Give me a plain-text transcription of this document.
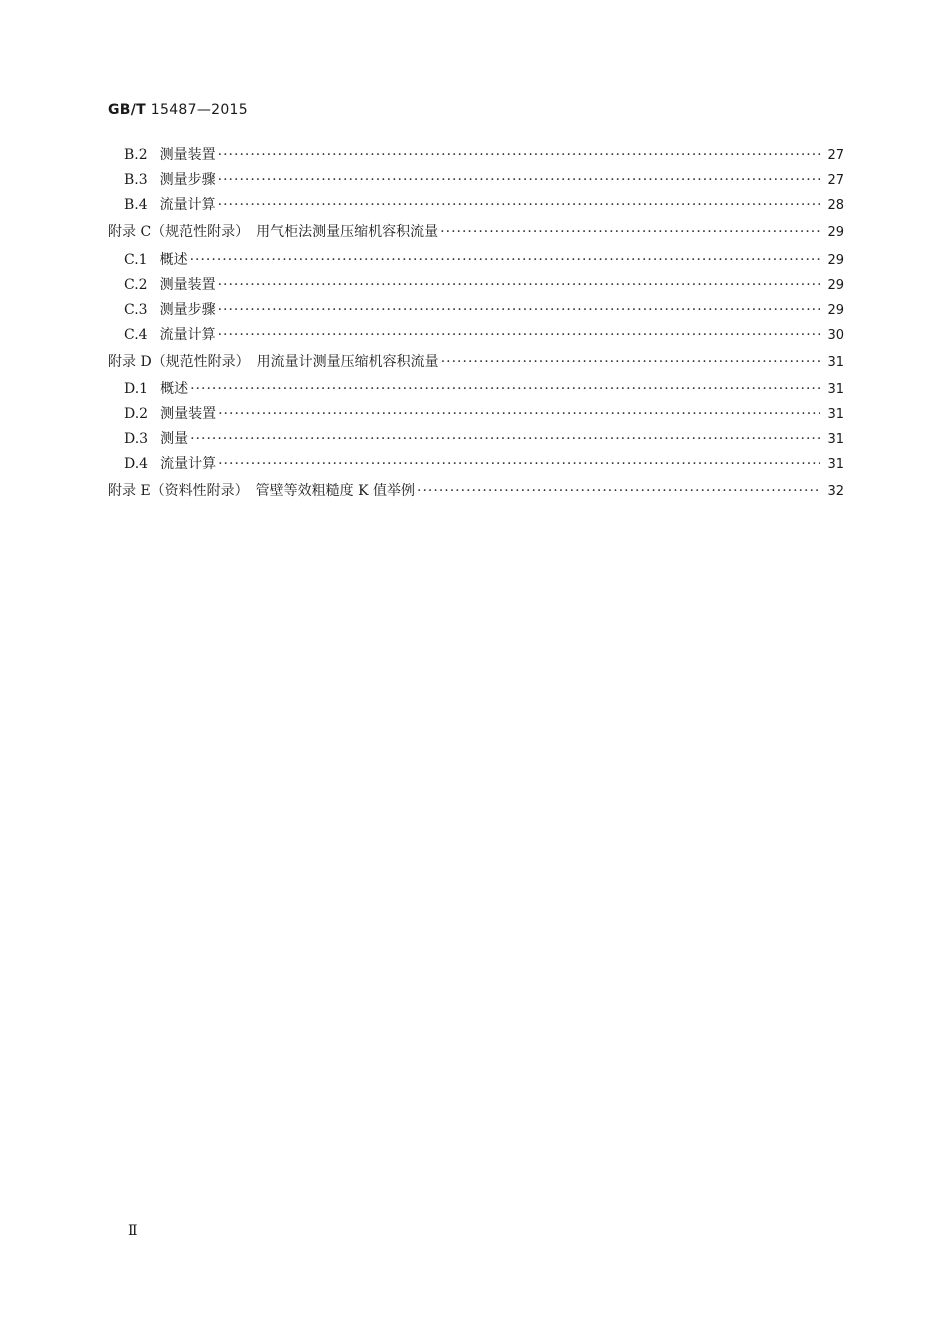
GB/T 15487—2015
B.2 测量装置 ·····	27
B.3 测量步骤 ·····	27
B.4 流量计算 ·····	28
附录 C（规范性附录）　用气柜法测量压缩机容积流量 ·····	29
C.1 概述 ·····	29
C.2 测量装置 ·····	29
C.3 测量步骤 ·····	29
C.4 流量计算 ·····	30
附录 D（规范性附录）　用流量计测量压缩机容积流量 ·····	31
D.1 概述 ·····	31
D.2 测量装置 ·····	31
D.3 测量 ·····	31
D.4 流量计算 ·····	31
附录 E（资料性附录）　管壁等效粗糙度 K 值举例 ·····	32
Ⅱ
